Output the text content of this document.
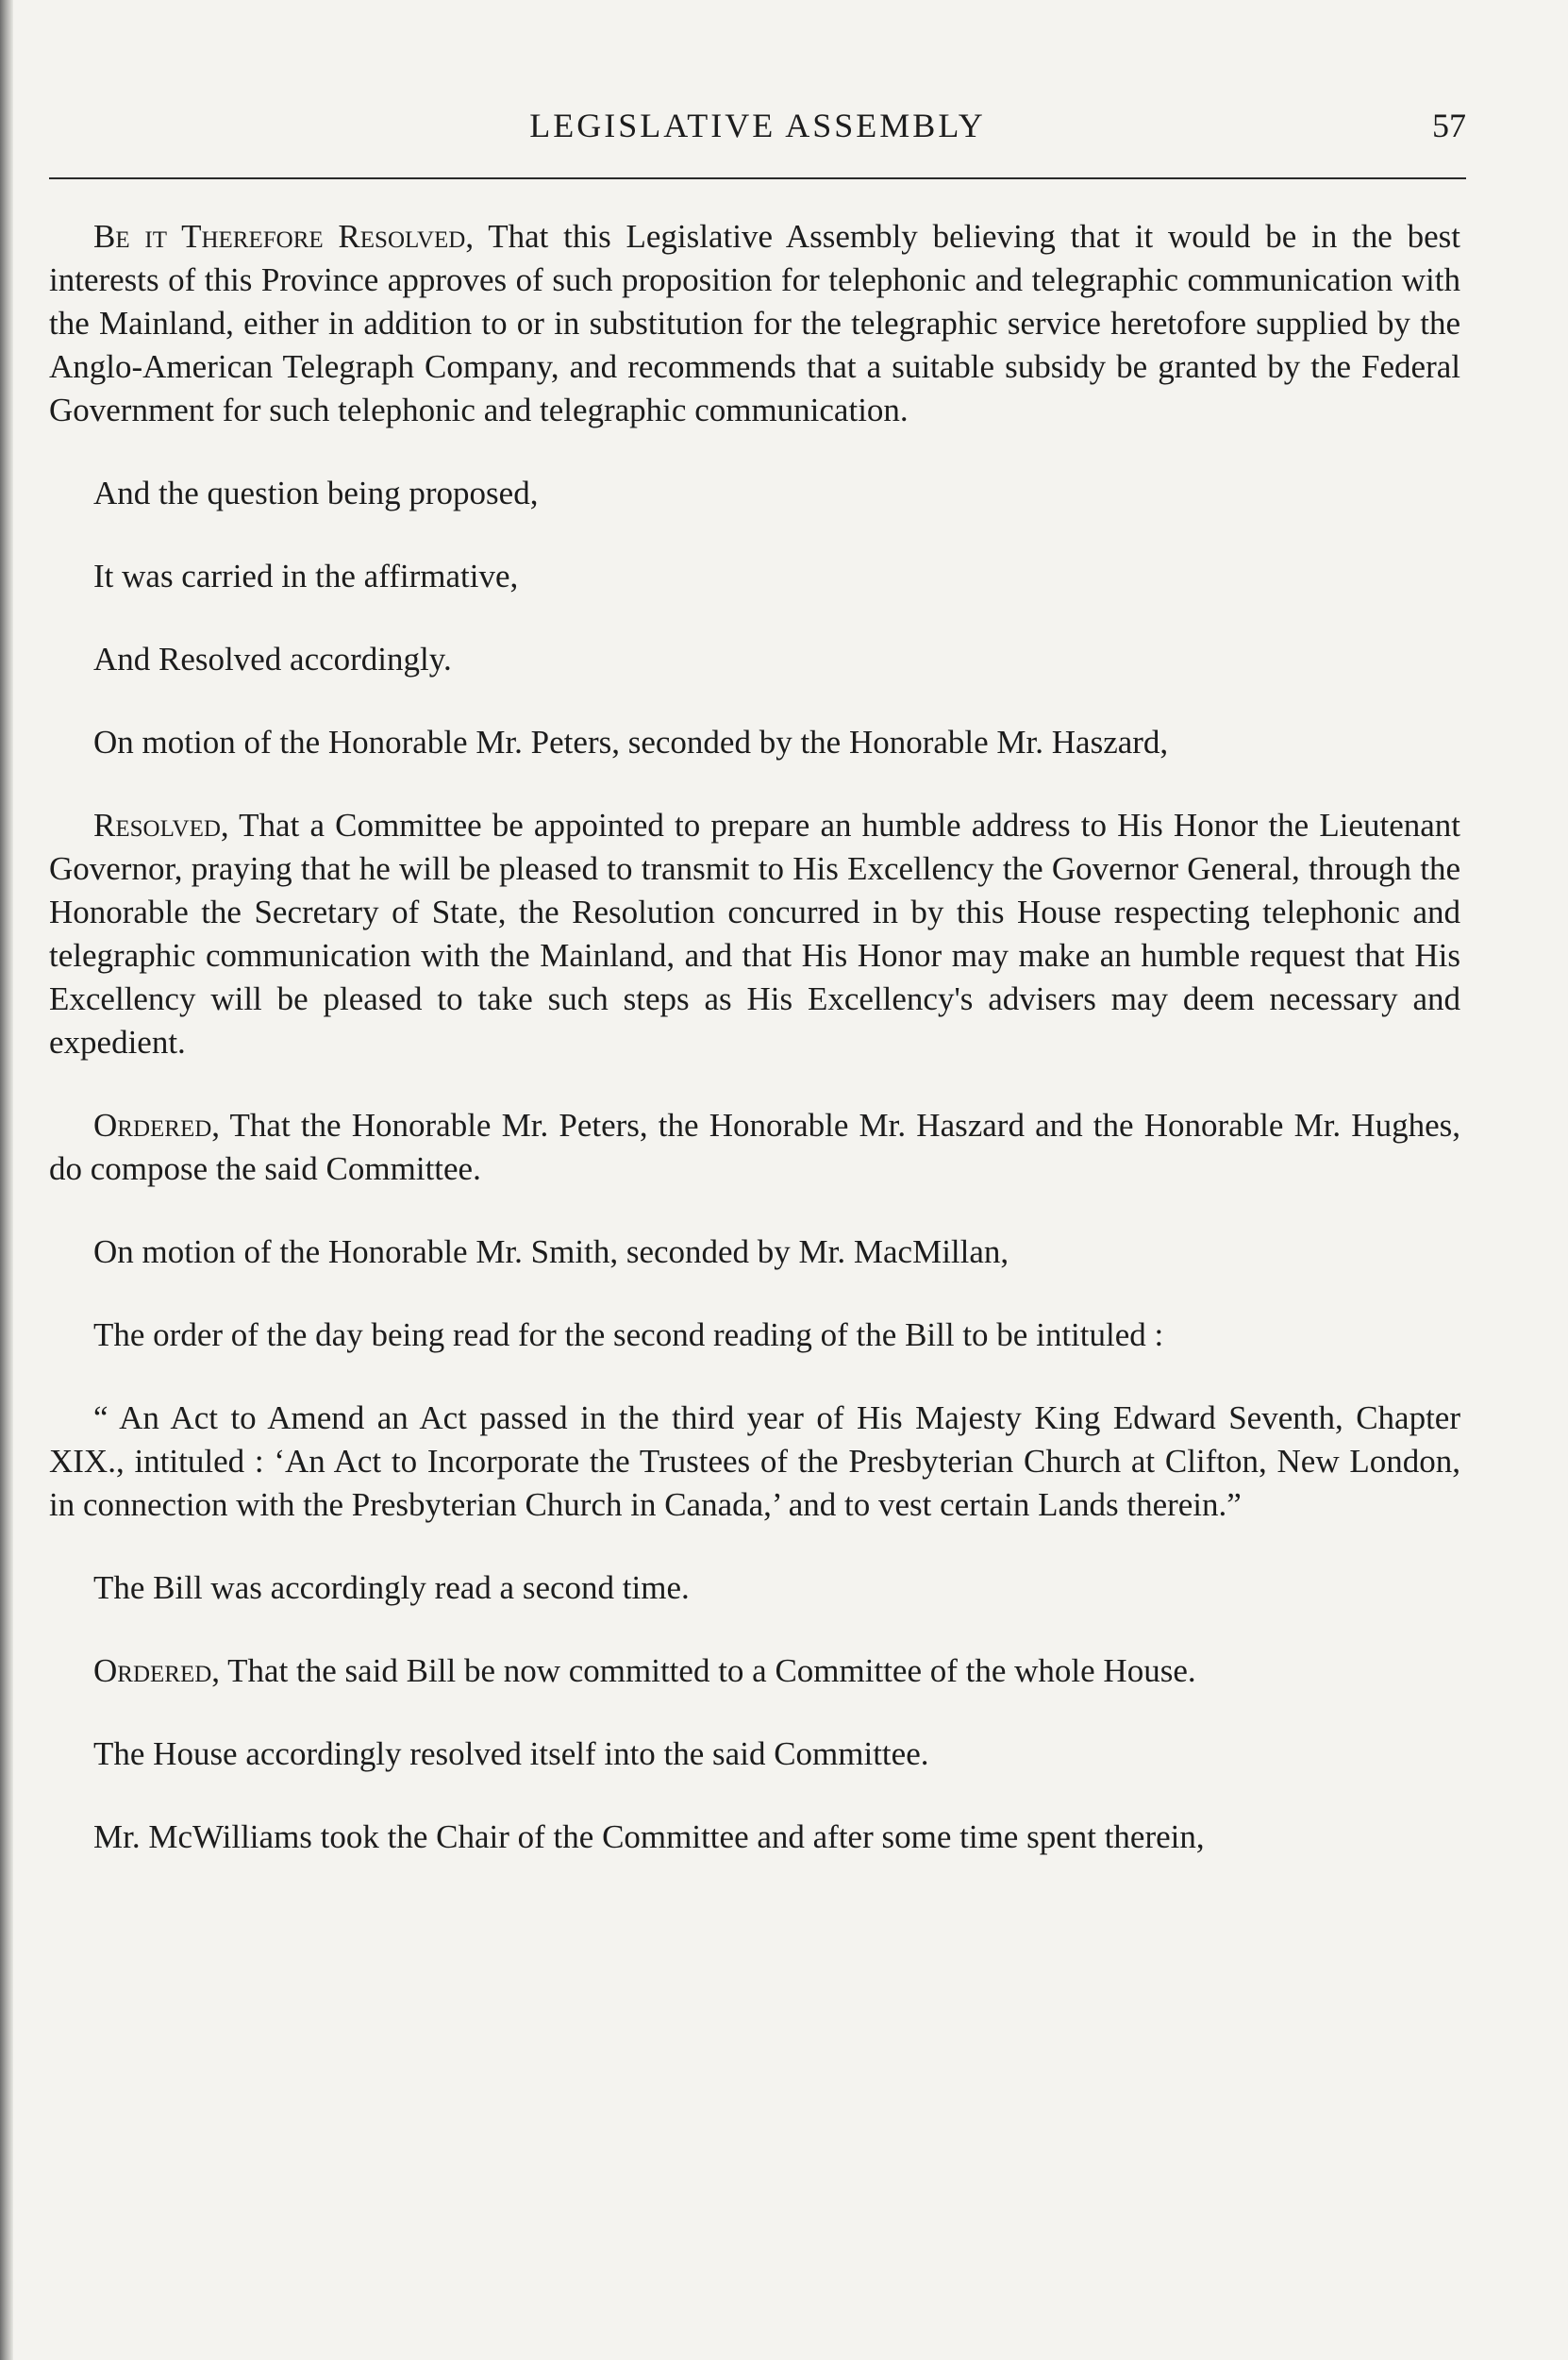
LEGISLATIVE ASSEMBLY	57

Be it Therefore Resolved, That this Legislative Assembly believing that it would be in the best interests of this Province approves of such proposition for telephonic and telegraphic communication with the Mainland, either in addition to or in substitution for the telegraphic service heretofore supplied by the Anglo-American Telegraph Company, and recommends that a suitable subsidy be granted by the Federal Government for such telephonic and telegraphic communication.

And the question being proposed,

It was carried in the affirmative,

And Resolved accordingly.

On motion of the Honorable Mr. Peters, seconded by the Honorable Mr. Haszard,

Resolved, That a Committee be appointed to prepare an humble address to His Honor the Lieutenant Governor, praying that he will be pleased to transmit to His Excellency the Governor General, through the Honorable the Secretary of State, the Resolution concurred in by this House respecting telephonic and telegraphic communication with the Mainland, and that His Honor may make an humble request that His Excellency will be pleased to take such steps as His Excellency's advisers may deem necessary and expedient.

Ordered, That the Honorable Mr. Peters, the Honorable Mr. Haszard and the Honorable Mr. Hughes, do compose the said Committee.

On motion of the Honorable Mr. Smith, seconded by Mr. MacMillan,

The order of the day being read for the second reading of the Bill to be intituled :

“ An Act to Amend an Act passed in the third year of His Majesty King Edward Seventh, Chapter XIX., intituled : ‘An Act to Incorporate the Trustees of the Presbyterian Church at Clifton, New London, in connection with the Presbyterian Church in Canada,’ and to vest certain Lands therein.”

The Bill was accordingly read a second time.

Ordered, That the said Bill be now committed to a Committee of the whole House.

The House accordingly resolved itself into the said Committee.

Mr. McWilliams took the Chair of the Committee and after some time spent therein,
